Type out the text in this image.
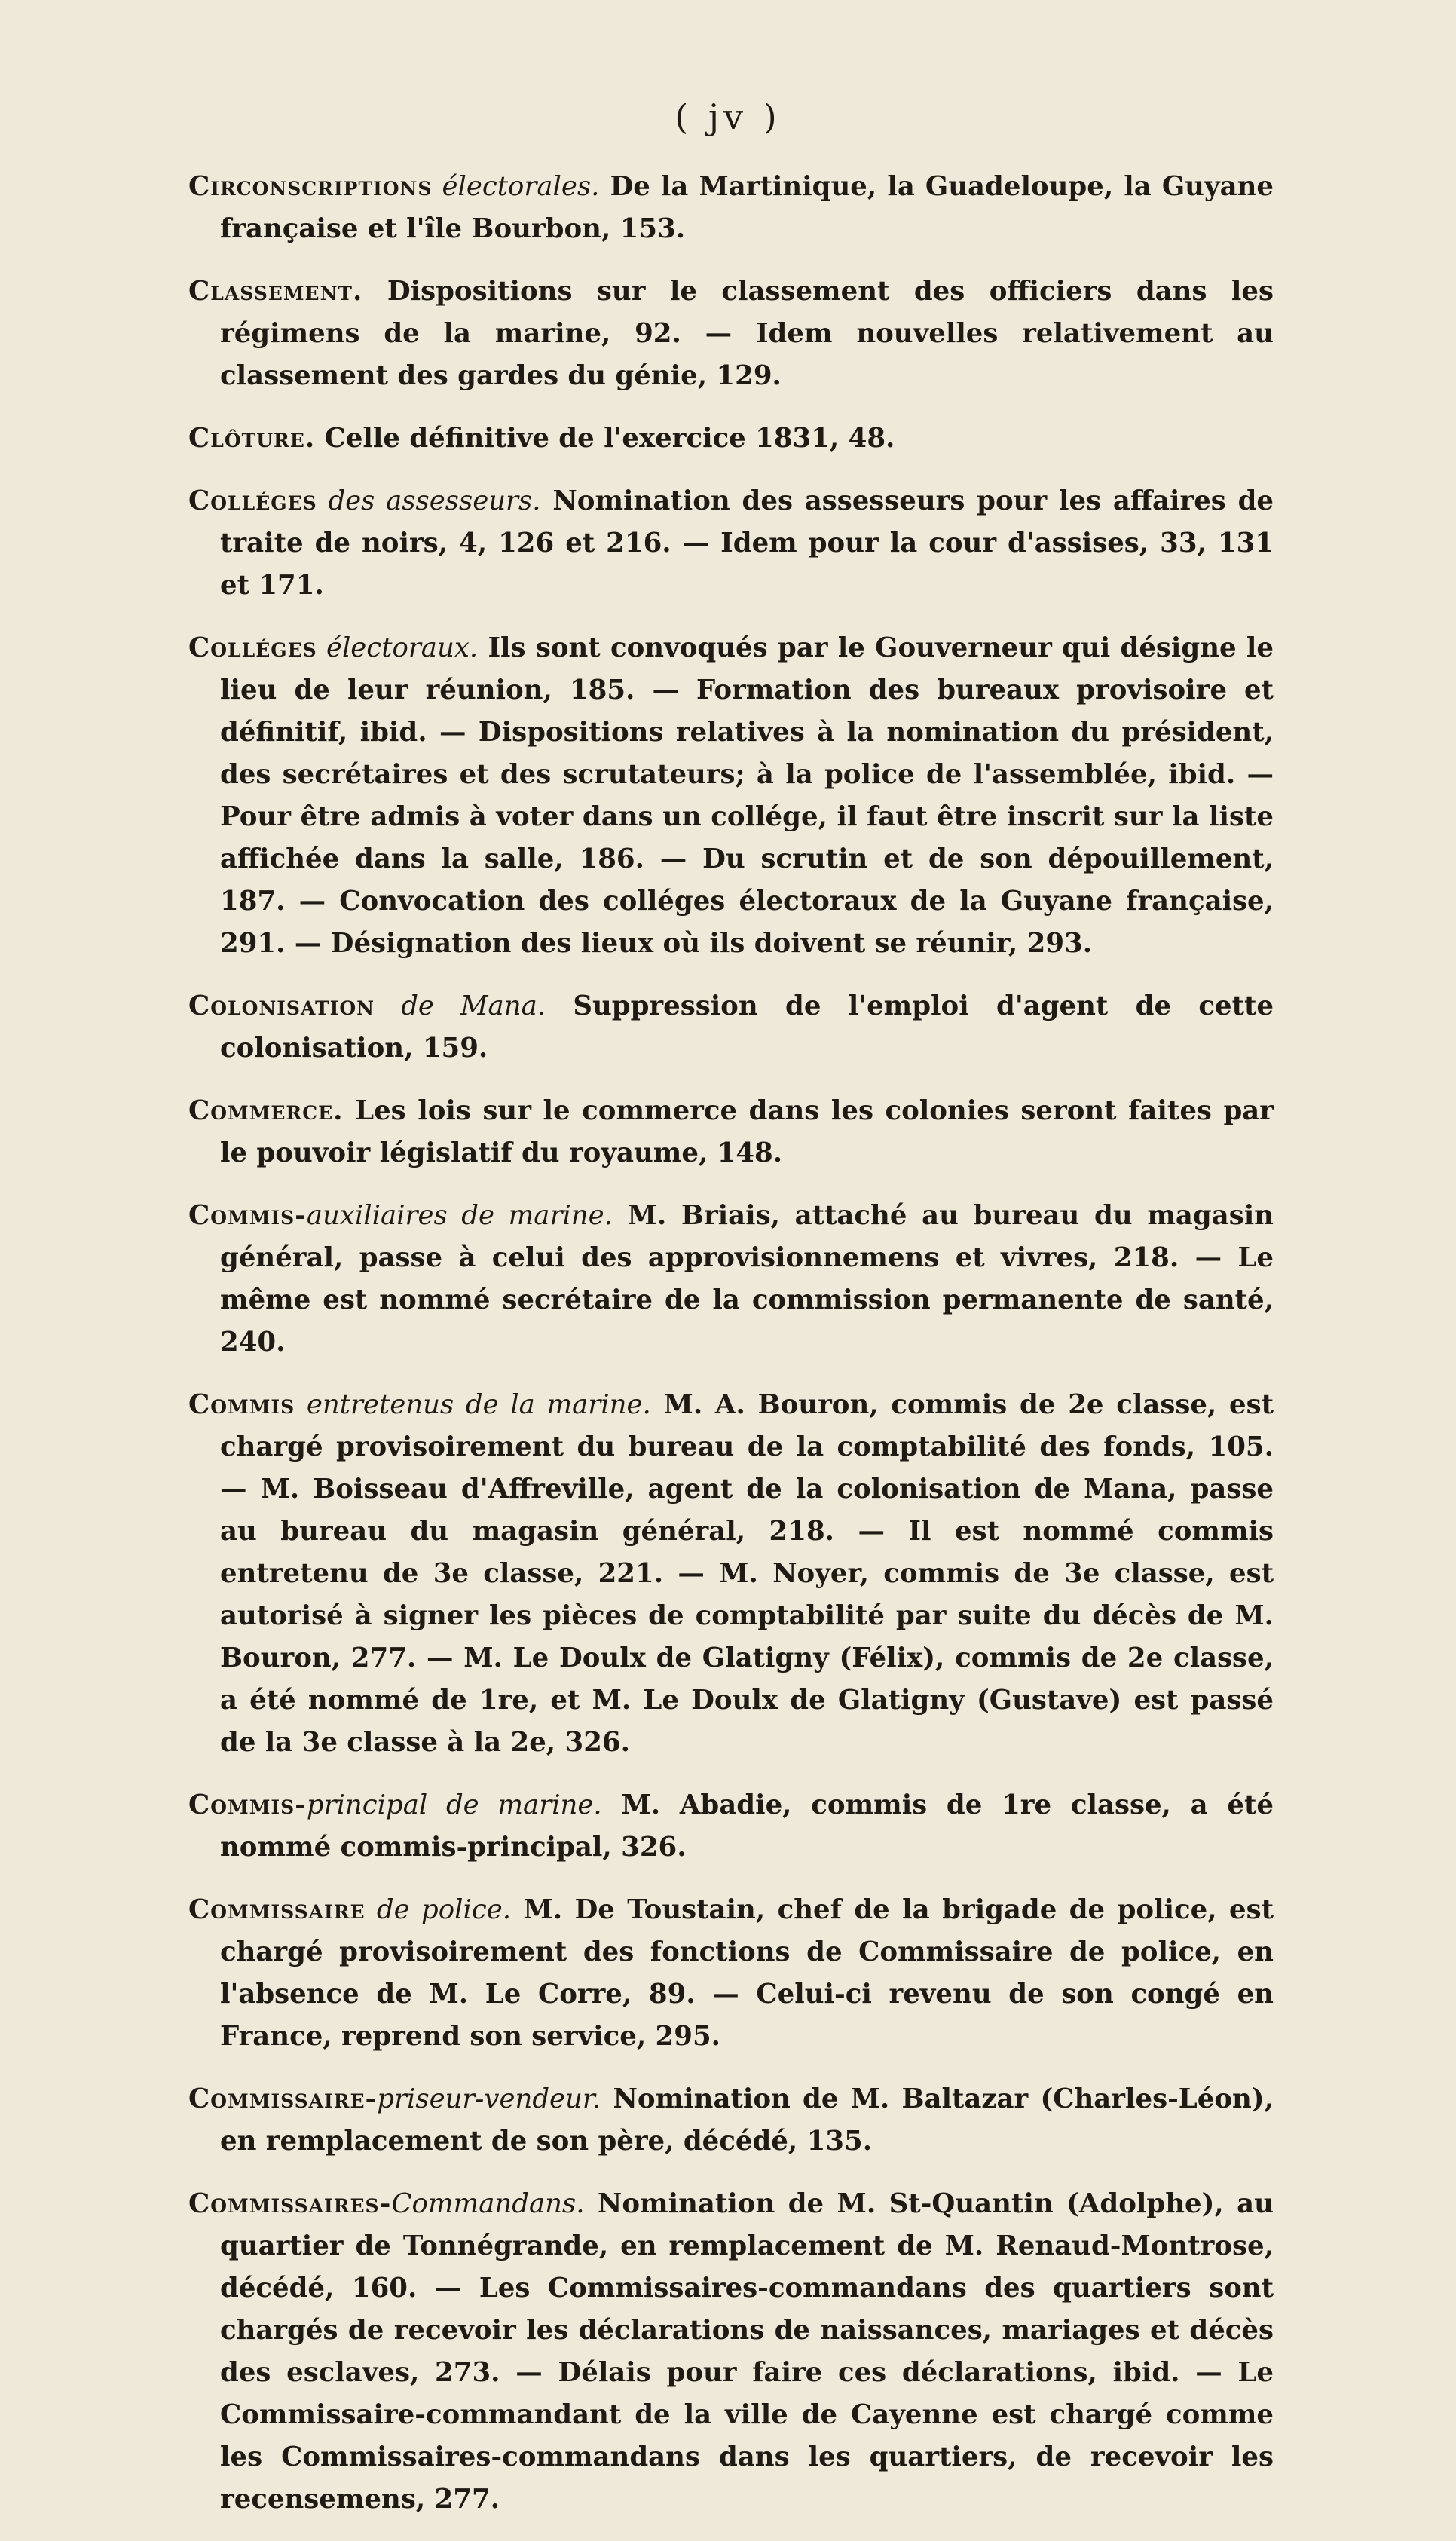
( jv )

Circonscriptions électorales. De la Martinique, la Guadeloupe, la Guyane française et l'île Bourbon, 153.

Classement. Dispositions sur le classement des officiers dans les régimens de la marine, 92. — Idem nouvelles relativement au classement des gardes du génie, 129.

Clôture. Celle définitive de l'exercice 1831, 48.

Colléges des assesseurs. Nomination des assesseurs pour les affaires de traite de noirs, 4, 126 et 216. — Idem pour la cour d'assises, 33, 131 et 171.

Colléges électoraux. Ils sont convoqués par le Gouverneur qui désigne le lieu de leur réunion, 185. — Formation des bureaux provisoire et définitif, ibid. — Dispositions relatives à la nomination du président, des secrétaires et des scrutateurs; à la police de l'assemblée, ibid. — Pour être admis à voter dans un collége, il faut être inscrit sur la liste affichée dans la salle, 186. — Du scrutin et de son dépouillement, 187. — Convocation des colléges électoraux de la Guyane française, 291. — Désignation des lieux où ils doivent se réunir, 293.

Colonisation de Mana. Suppression de l'emploi d'agent de cette colonisation, 159.

Commerce. Les lois sur le commerce dans les colonies seront faites par le pouvoir législatif du royaume, 148.

Commis-auxiliaires de marine. M. Briais, attaché au bureau du magasin général, passe à celui des approvisionnemens et vivres, 218. — Le même est nommé secrétaire de la commission permanente de santé, 240.

Commis entretenus de la marine. M. A. Bouron, commis de 2e classe, est chargé provisoirement du bureau de la comptabilité des fonds, 105. — M. Boisseau d'Affreville, agent de la colonisation de Mana, passe au bureau du magasin général, 218. — Il est nommé commis entretenu de 3e classe, 221. — M. Noyer, commis de 3e classe, est autorisé à signer les pièces de comptabilité par suite du décès de M. Bouron, 277. — M. Le Doulx de Glatigny (Félix), commis de 2e classe, a été nommé de 1re, et M. Le Doulx de Glatigny (Gustave) est passé de la 3e classe à la 2e, 326.

Commis-principal de marine. M. Abadie, commis de 1re classe, a été nommé commis-principal, 326.

Commissaire de police. M. De Toustain, chef de la brigade de police, est chargé provisoirement des fonctions de Commissaire de police, en l'absence de M. Le Corre, 89. — Celui-ci revenu de son congé en France, reprend son service, 295.

Commissaire-priseur-vendeur. Nomination de M. Baltazar (Charles-Léon), en remplacement de son père, décédé, 135.

Commissaires-Commandans. Nomination de M. St-Quantin (Adolphe), au quartier de Tonnégrande, en remplacement de M. Renaud-Montrose, décédé, 160. — Les Commissaires-commandans des quartiers sont chargés de recevoir les déclarations de naissances, mariages et décès des esclaves, 273. — Délais pour faire ces déclarations, ibid. — Le Commissaire-commandant de la ville de Cayenne est chargé comme les Commissaires-commandans dans les quartiers, de recevoir les recensemens, 277.
